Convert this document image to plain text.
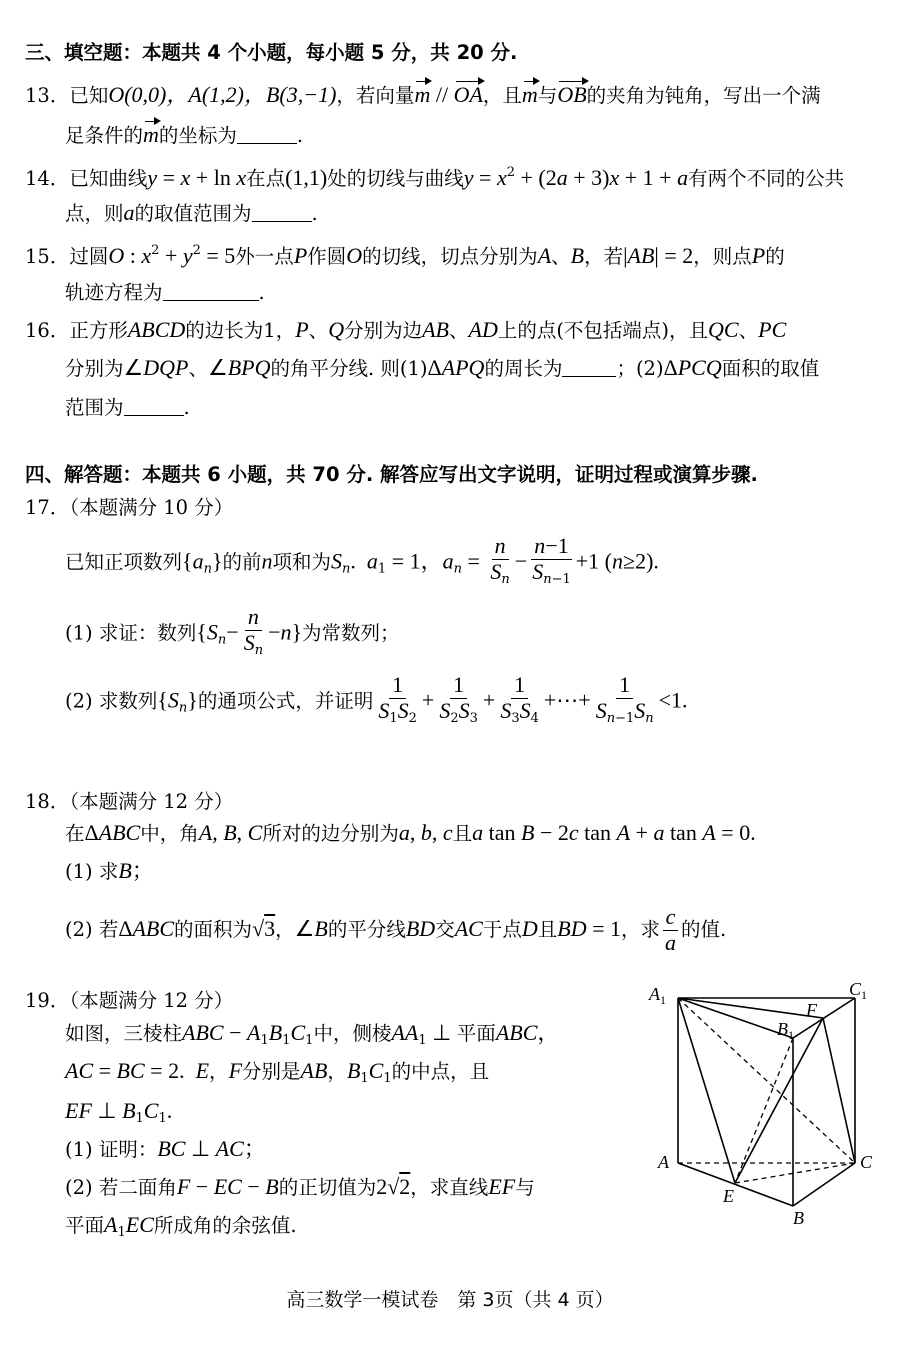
三、填空题：本题共 4 个小题，每小题 5 分，共 20 分.
13．已知O(0,0)，A(1,2)，B(3,−1)，若向量m // OA，且m与OB的夹角为钝角，写出一个满
足条件的m的坐标为	.
14．已知曲线y = x + ln x在点(1,1)处的切线与曲线$y = x^2 + (2a + 3)x + 1 + a$有两个不同的公共
点，则a的取值范围为	.
15．过圆O : $x^2 + y^2 = 5$外一点P作圆O的切线，切点分别为A、B，若|AB| = 2，则点P的
轨迹方程为	.
16．正方形ABCD的边长为1，P、Q分别为边AB、AD上的点(不包括端点)，且QC、PC
分别为∠DQP、∠BPQ的角平分线. 则(1)ΔAPQ的周长为	；(2)ΔPCQ面积的取值
范围为	.
四、解答题：本题共 6 小题，共 70 分. 解答应写出文字说明，证明过程或演算步骤.
17．（本题满分 10 分）
已知正项数列$\{a_n\}$的前n项和为$S_n$.  $a_1 = 1$，$a_n = \frac{n}{S_n} - \frac{n-1}{S_{n-1}} +1$ (n≥2).
(1) 求证：数列$\{S_n- \frac{n}{S_n} -n\}$为常数列；
(2) 求数列$\{S_n\}$的通项公式，并证明 $\frac{1}{S_1S_2} + \frac{1}{S_2S_3} + \frac{1}{S_3S_4}$ +⋯+ $\frac{1}{S_{n-1}S_n} <1$.
18．（本题满分 12 分）
在ΔABC中，角A, B, C所对的边分别为a, b, c且a tan B − 2c tan A + a tan A = 0.
(1) 求B；
(2) 若ΔABC的面积为√3，∠B的平分线BD交AC于点D且BD = 1，求 $\frac{c}{a}$ 的值.
19．（本题满分 12 分）
如图，三棱柱ABC − $A_1B_1C_1$中，侧棱$AA_1$ ⊥ 平面ABC，
AC = BC = 2.  E，F分别是AB，$B_1C_1$的中点，且
EF ⊥ $B_1C_1$.
(1) 证明：BC ⊥ AC；
(2) 若二面角F − EC − B的正切值为2√2，求直线EF与
平面$A_1EC$所成角的余弦值.
$A_1$
$C_1$
$B_1$
F
A	C
E
B
高三数学一模试卷　第 3页（共 4 页）
